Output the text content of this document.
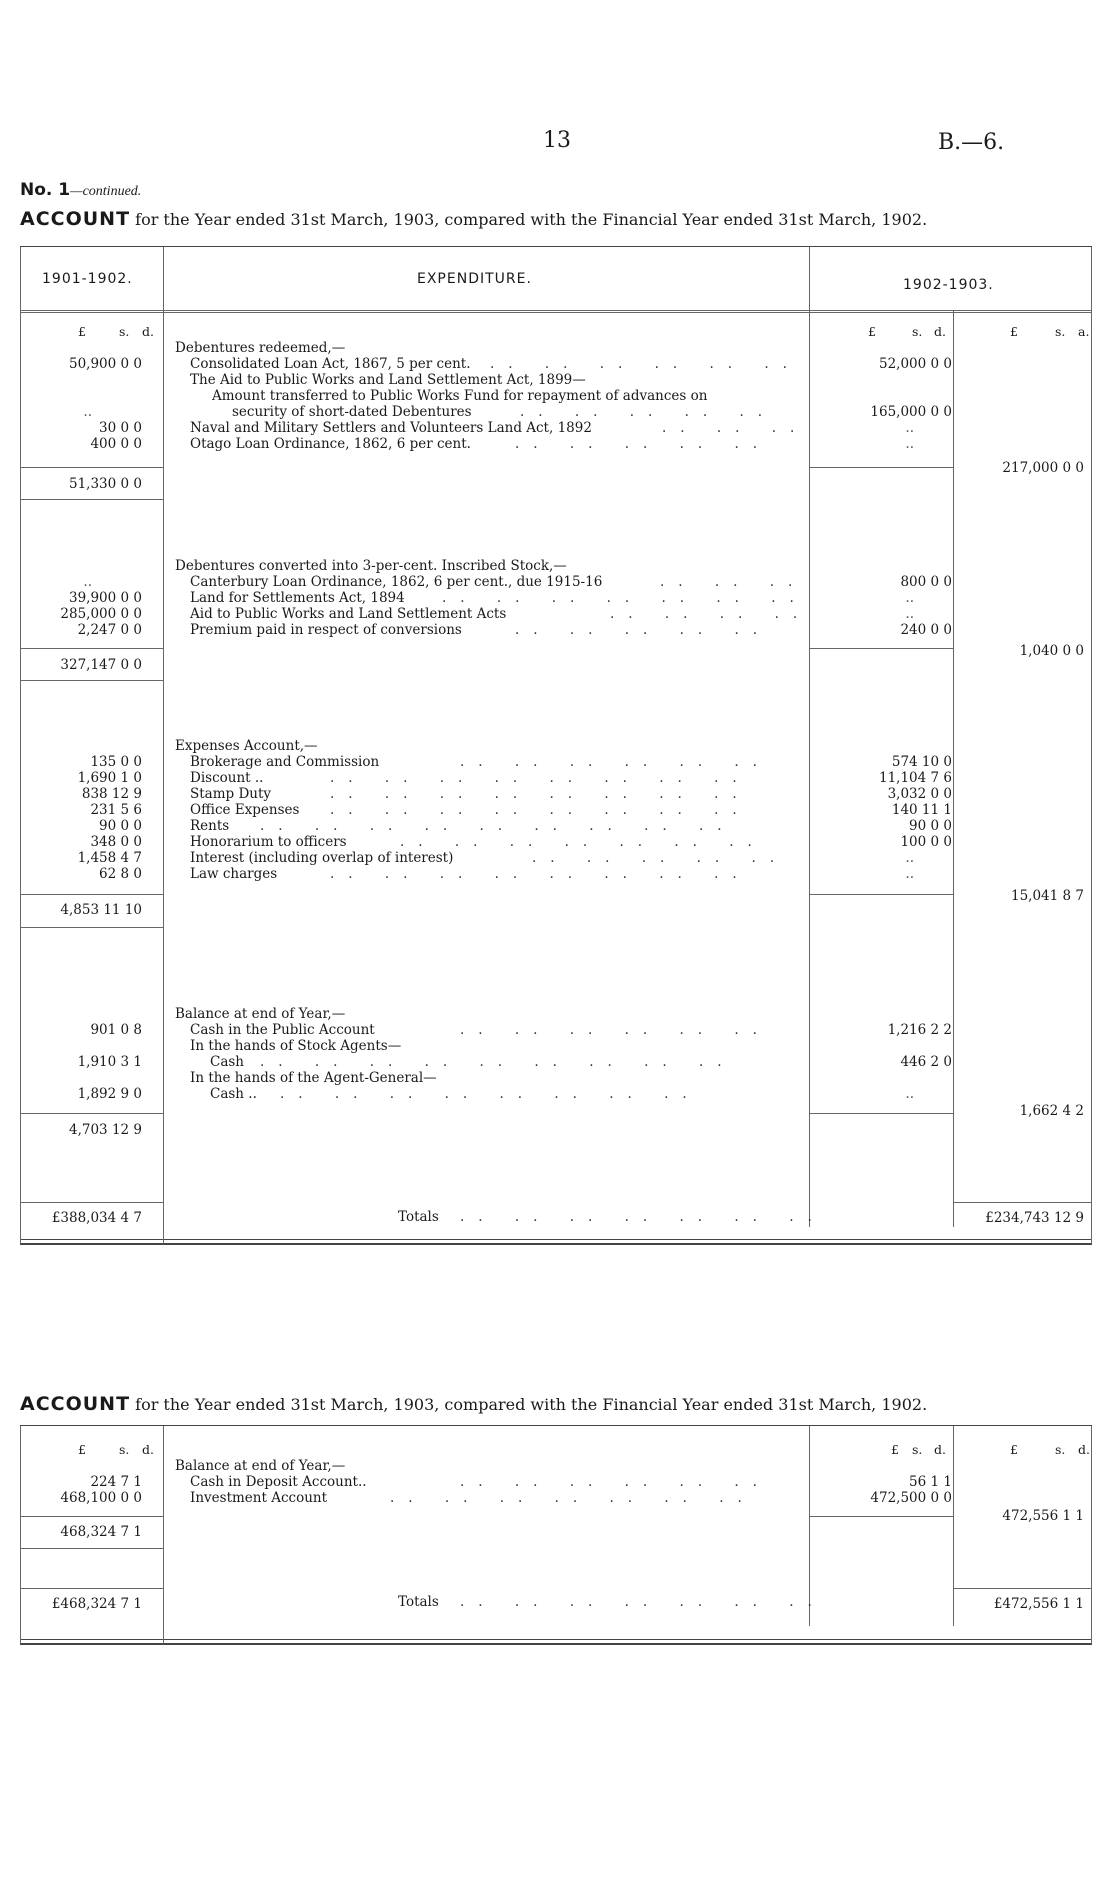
13	B.—6.
No. 1—continued.
ACCOUNT for the Year ended 31st March, 1903, compared with the Financial Year ended 31st March, 1902.
1901-1902.	EXPENDITURE.	1902-1903.
£	s. d.	£	s. d.	£	s. a.
Debentures redeemed,—
Consolidated Loan Act, 1867, 5 per cent. .. .. .. .. .. ..
50,900 0 0	52,000 0 0
The Aid to Public Works and Land Settlement Act, 1899—
Amount transferred to Public Works Fund for repayment of advances on
security of short-dated Debentures	.. .. .. .. ..
..	165,000 0 0
Naval and Military Settlers and Volunteers Land Act, 1892	.. .. ..
30 0 0	..
Otago Loan Ordinance, 1862, 6 per cent.	.. .. .. .. ..
400 0 0	..
51,330 0 0
217,000 0 0
Debentures converted into 3-per-cent. Inscribed Stock,—
Canterbury Loan Ordinance, 1862, 6 per cent., due 1915-16	.. .. ..
..	800 0 0
Land for Settlements Act, 1894	.. .. .. .. .. .. ..
39,900 0 0	..
Aid to Public Works and Land Settlement Acts	.. .. .. ..
285,000 0 0	..
Premium paid in respect of conversions	.. .. .. .. ..
2,247 0 0	240 0 0
327,147 0 0
1,040 0 0
Expenses Account,—
Brokerage and Commission	.. .. .. .. .. ..
135 0 0	574 10 0
Discount ..	.. .. .. .. .. .. .. ..
1,690 1 0	11,104 7 6
Stamp Duty	.. .. .. .. .. .. .. ..
838 12 9	3,032 0 0
Office Expenses .. .. .. .. .. .. .. ..
231 5 6	140 11 1
Rents .. .. .. .. .. .. .. .. ..
90 0 0	90 0 0
Honorarium to officers	.. .. .. .. .. .. ..
348 0 0	100 0 0
Interest (including overlap of interest)	.. .. .. .. ..
1,458 4 7	..
Law charges	.. .. .. .. .. .. .. ..
62 8 0	..
4,853 11 10
15,041 8 7
Balance at end of Year,—
Cash in the Public Account	.. .. .. .. .. ..
901 0 8	1,216 2 2
In the hands of Stock Agents—
Cash .. .. .. .. .. .. .. .. ..
1,910 3 1	446 2 0
In the hands of the Agent-General—
Cash .. .. .. .. .. .. .. .. ..
1,892 9 0	..
4,703 12 9
1,662 4 2
£388,034 4 7	Totals .. .. .. .. .. .. ..	£234,743 12 9
ACCOUNT for the Year ended 31st March, 1903, compared with the Financial Year ended 31st March, 1902.
£	s. d.	£ s. d.	£	s. d.
Balance at end of Year,—
Cash in Deposit Account..	.. .. .. .. .. ..
224 7 1	56 1 1
Investment Account	.. .. .. .. .. .. ..
468,100 0 0	472,500 0 0
468,324 7 1
472,556 1 1
£468,324 7 1	Totals .. .. .. .. .. .. ..	£472,556 1 1
